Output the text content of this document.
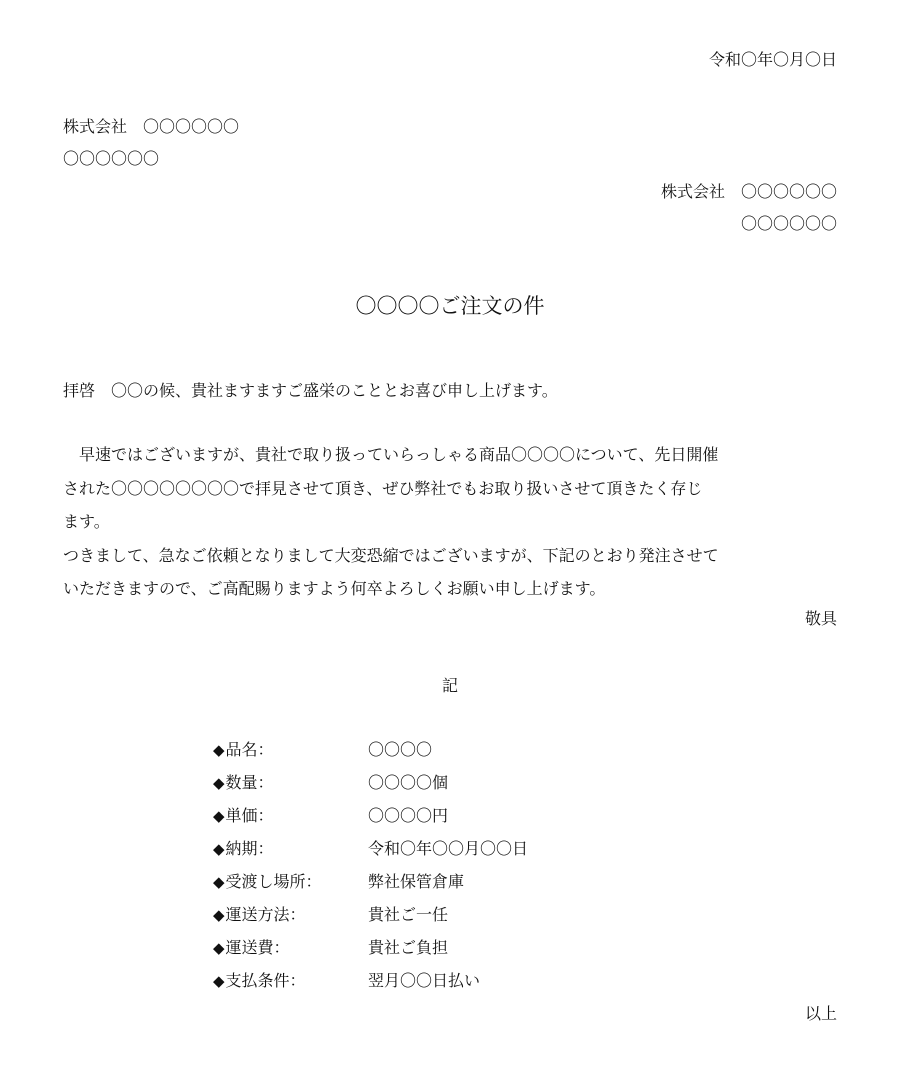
令和〇年〇月〇日
株式会社　〇〇〇〇〇〇
〇〇〇〇〇〇
株式会社　〇〇〇〇〇〇
〇〇〇〇〇〇
〇〇〇〇ご注文の件
拝啓　〇〇の候、貴社ますますご盛栄のこととお喜び申し上げます。
　早速ではございますが、貴社で取り扱っていらっしゃる商品〇〇〇〇について、先日開催
された〇〇〇〇〇〇〇〇で拝見させて頂き、ぜひ弊社でもお取り扱いさせて頂きたく存じ
ます。
つきまして、急なご依頼となりまして大変恐縮ではございますが、下記のとおり発注させて
いただきますので、ご高配賜りますよう何卒よろしくお願い申し上げます。
敬具
記
◆品名：	〇〇〇〇
◆数量：	〇〇〇〇個
◆単価：	〇〇〇〇円
◆納期：	令和〇年〇〇月〇〇日
◆受渡し場所：	弊社保管倉庫
◆運送方法：	貴社ご一任
◆運送費：	貴社ご負担
◆支払条件：	翌月〇〇日払い
以上
